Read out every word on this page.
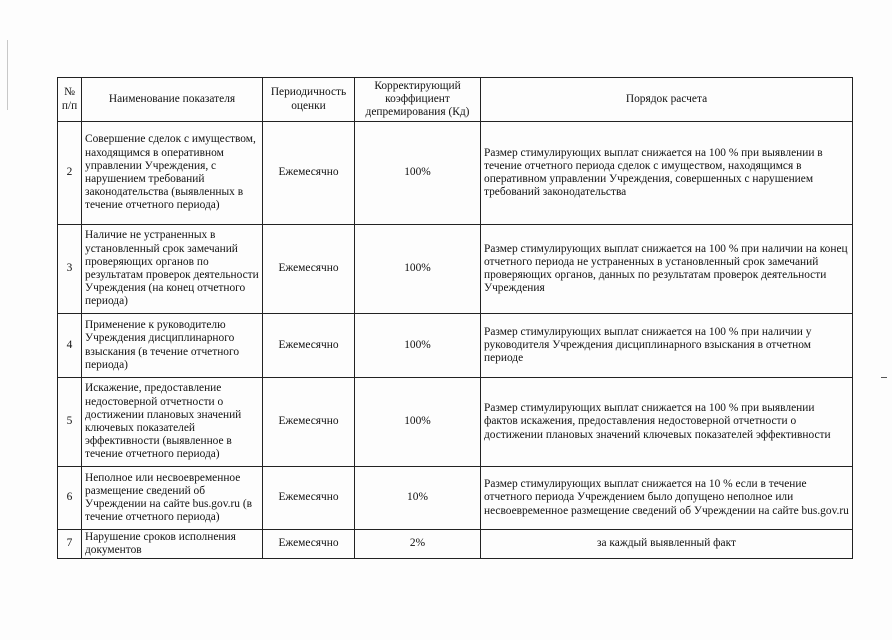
№ п/п	Наименование показателя	Периодичность оценки	Корректирующий коэффициент депремирования (Кд)	Порядок расчета
2	Совершение сделок с имуществом, находящимся в оперативном управлении Учреждения, с нарушением требований законодательства (выявленных в течение отчетного периода)	Ежемесячно	100%	Размер стимулирующих выплат снижается на 100 % при выявлении в течение отчетного периода сделок с имуществом, находящимся в оперативном управлении Учреждения, совершенных с нарушением требований законодательства
3	Наличие не устраненных в установленный срок замечаний проверяющих органов по результатам проверок деятельности Учреждения (на конец отчетного периода)	Ежемесячно	100%	Размер стимулирующих выплат снижается на 100 % при наличии на конец отчетного периода не устраненных в установленный срок замечаний проверяющих органов, данных по результатам проверок деятельности Учреждения
4	Применение к руководителю Учреждения дисциплинарного взыскания (в течение отчетного периода)	Ежемесячно	100%	Размер стимулирующих выплат снижается на 100 % при наличии у руководителя Учреждения дисциплинарного взыскания в отчетном периоде
5	Искажение, предоставление недостоверной отчетности о достижении плановых значений ключевых показателей эффективности (выявленное в течение отчетного периода)	Ежемесячно	100%	Размер стимулирующих выплат снижается на 100 % при выявлении фактов искажения, предоставления недостоверной отчетности о достижении плановых значений ключевых показателей эффективности
6	Неполное или несвоевременное размещение сведений об Учреждении на сайте bus.gov.ru (в течение отчетного периода)	Ежемесячно	10%	Размер стимулирующих выплат снижается на 10 % если в течение отчетного периода Учреждением было допущено неполное или несвоевременное размещение сведений об Учреждении на сайте bus.gov.ru
7	Нарушение сроков исполнения документов	Ежемесячно	2%	за каждый выявленный факт
